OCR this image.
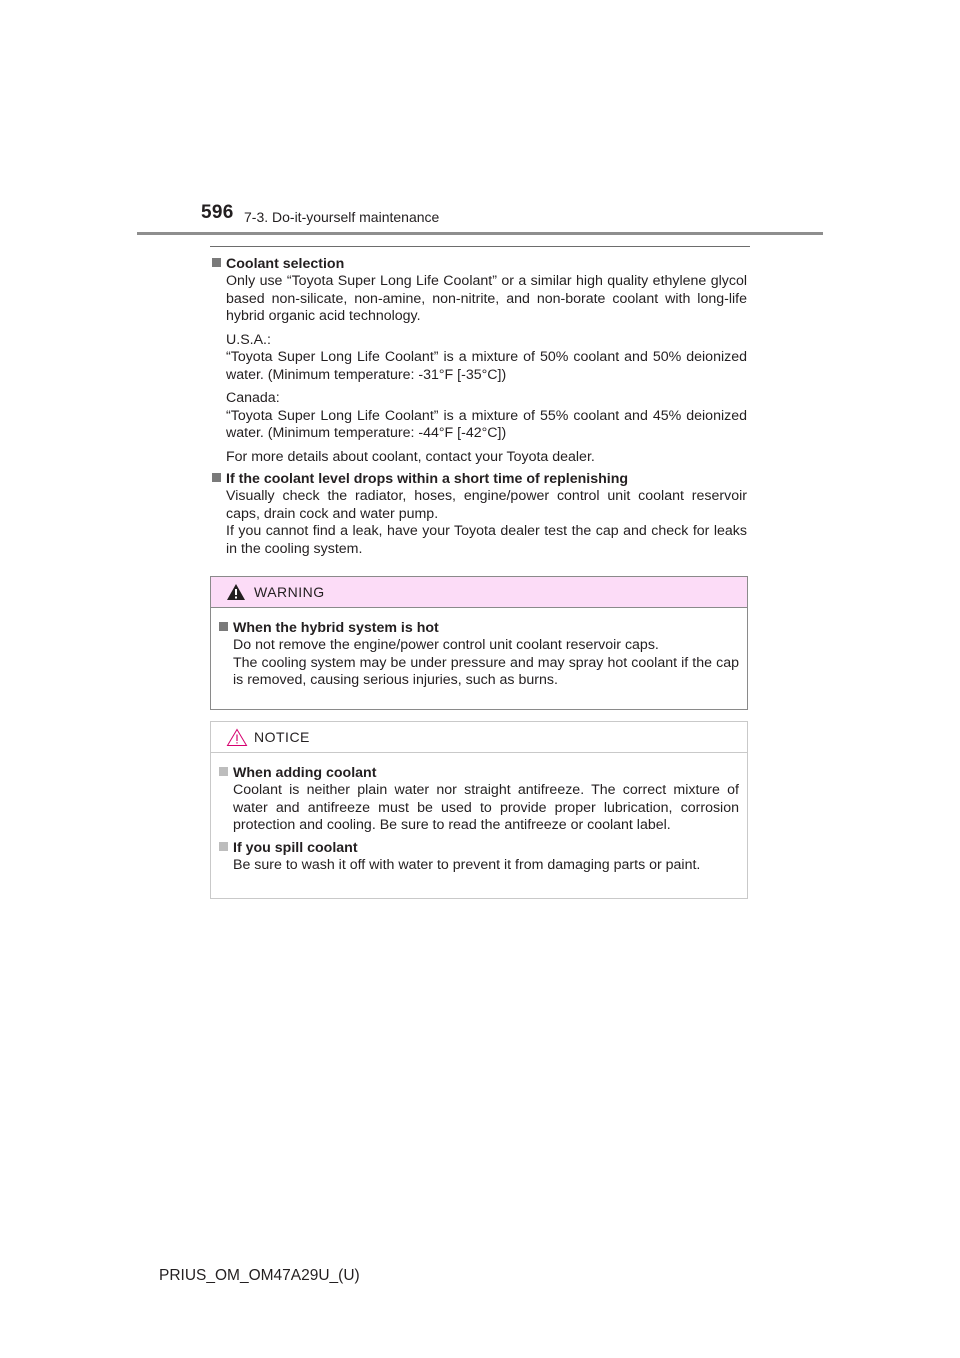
596 7-3. Do-it-yourself maintenance

Coolant selection

Only use “Toyota Super Long Life Coolant” or a similar high quality ethylene glycol based non-silicate, non-amine, non-nitrite, and non-borate coolant with long-life hybrid organic acid technology.

U.S.A.:

“Toyota Super Long Life Coolant” is a mixture of 50% coolant and 50% deionized water. (Minimum temperature: -31°F [-35°C])

Canada:

“Toyota Super Long Life Coolant” is a mixture of 55% coolant and 45% deionized water. (Minimum temperature: -44°F [-42°C])

For more details about coolant, contact your Toyota dealer.

If the coolant level drops within a short time of replenishing

Visually check the radiator, hoses, engine/power control unit coolant reservoir caps, drain cock and water pump.

If you cannot find a leak, have your Toyota dealer test the cap and check for leaks in the cooling system.

WARNING

When the hybrid system is hot

Do not remove the engine/power control unit coolant reservoir caps.

The cooling system may be under pressure and may spray hot coolant if the cap is removed, causing serious injuries, such as burns.

NOTICE

When adding coolant

Coolant is neither plain water nor straight antifreeze. The correct mixture of water and antifreeze must be used to provide proper lubrication, corrosion protection and cooling. Be sure to read the antifreeze or coolant label.

If you spill coolant

Be sure to wash it off with water to prevent it from damaging parts or paint.

PRIUS_OM_OM47A29U_(U)
